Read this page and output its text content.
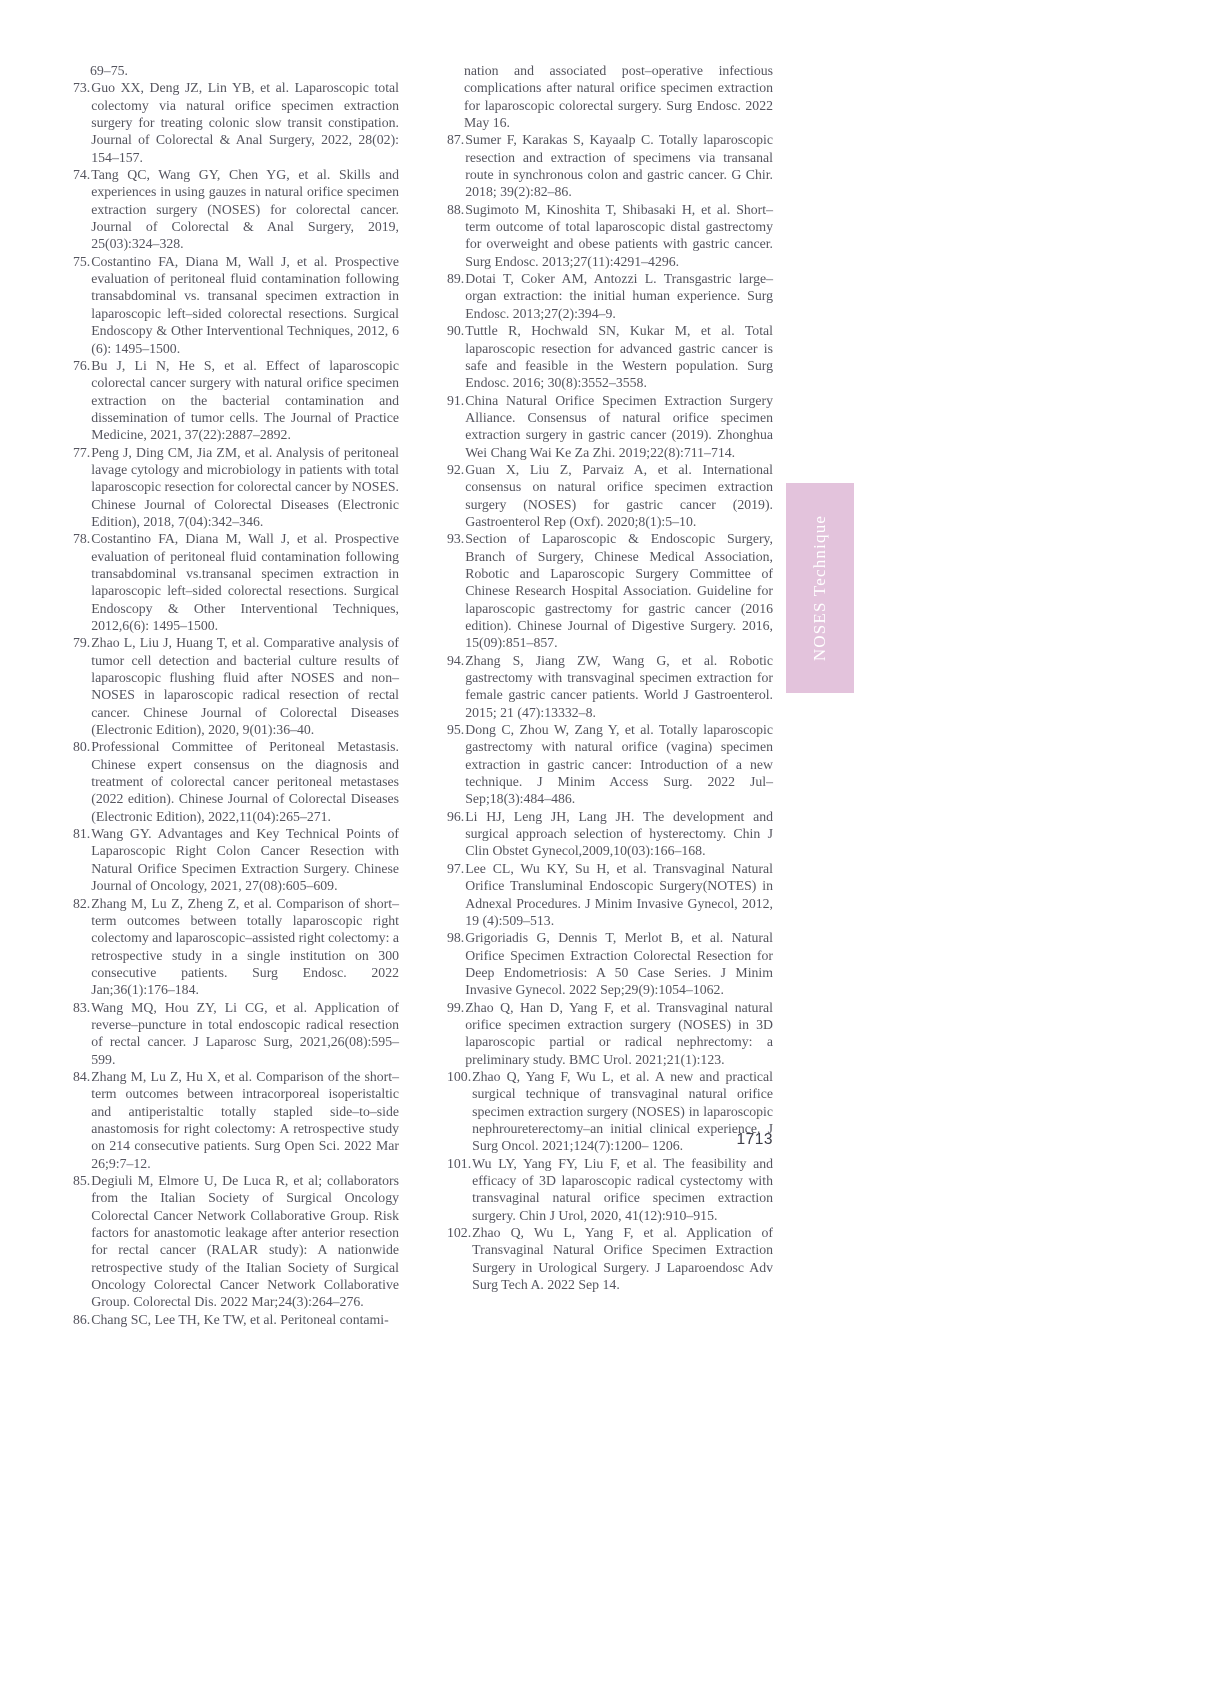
69–75.
73. Guo XX, Deng JZ, Lin YB, et al. Laparoscopic total colectomy via natural orifice specimen extraction surgery for treating colonic slow transit constipation. Journal of Colorectal & Anal Surgery, 2022, 28(02): 154–157.
74. Tang QC, Wang GY, Chen YG, et al. Skills and experiences in using gauzes in natural orifice specimen extraction surgery (NOSES) for colorectal cancer. Journal of Colorectal & Anal Surgery, 2019, 25(03):324–328.
75. Costantino FA, Diana M, Wall J, et al. Prospective evaluation of peritoneal fluid contamination following transabdominal vs. transanal specimen extraction in laparoscopic left–sided colorectal resections. Surgical Endoscopy & Other Interventional Techniques, 2012, 6 (6): 1495–1500.
76. Bu J, Li N, He S, et al. Effect of laparoscopic colorectal cancer surgery with natural orifice specimen extraction on the bacterial contamination and dissemination of tumor cells. The Journal of Practice Medicine, 2021, 37(22):2887–2892.
77. Peng J, Ding CM, Jia ZM, et al. Analysis of peritoneal lavage cytology and microbiology in patients with total laparoscopic resection for colorectal cancer by NOSES. Chinese Journal of Colorectal Diseases (Electronic Edition), 2018, 7(04):342–346.
78. Costantino FA, Diana M, Wall J, et al. Prospective evaluation of peritoneal fluid contamination following transabdominal vs.transanal specimen extraction in laparoscopic left–sided colorectal resections. Surgical Endoscopy & Other Interventional Techniques, 2012,6(6): 1495–1500.
79. Zhao L, Liu J, Huang T, et al. Comparative analysis of tumor cell detection and bacterial culture results of laparoscopic flushing fluid after NOSES and non–NOSES in laparoscopic radical resection of rectal cancer. Chinese Journal of Colorectal Diseases (Electronic Edition), 2020, 9(01):36–40.
80. Professional Committee of Peritoneal Metastasis. Chinese expert consensus on the diagnosis and treatment of colorectal cancer peritoneal metastases (2022 edition). Chinese Journal of Colorectal Diseases (Electronic Edition), 2022,11(04):265–271.
81. Wang GY. Advantages and Key Technical Points of Laparoscopic Right Colon Cancer Resection with Natural Orifice Specimen Extraction Surgery. Chinese Journal of Oncology, 2021, 27(08):605–609.
82. Zhang M, Lu Z, Zheng Z, et al. Comparison of short–term outcomes between totally laparoscopic right colectomy and laparoscopic–assisted right colectomy: a retrospective study in a single institution on 300 consecutive patients. Surg Endosc. 2022 Jan;36(1):176–184.
83. Wang MQ, Hou ZY, Li CG, et al. Application of reverse–puncture in total endoscopic radical resection of rectal cancer. J Laparosc Surg, 2021,26(08):595–599.
84. Zhang M, Lu Z, Hu X, et al. Comparison of the short–term outcomes between intracorporeal isoperistaltic and antiperistaltic totally stapled side–to–side anastomosis for right colectomy: A retrospective study on 214 consecutive patients. Surg Open Sci. 2022 Mar 26;9:7–12.
85. Degiuli M, Elmore U, De Luca R, et al; collaborators from the Italian Society of Surgical Oncology Colorectal Cancer Network Collaborative Group. Risk factors for anastomotic leakage after anterior resection for rectal cancer (RALAR study): A nationwide retrospective study of the Italian Society of Surgical Oncology Colorectal Cancer Network Collaborative Group. Colorectal Dis. 2022 Mar;24(3):264–276.
86. Chang SC, Lee TH, Ke TW, et al. Peritoneal contami-
nation and associated post–operative infectious complications after natural orifice specimen extraction for laparoscopic colorectal surgery. Surg Endosc. 2022 May 16.
87. Sumer F, Karakas S, Kayaalp C. Totally laparoscopic resection and extraction of specimens via transanal route in synchronous colon and gastric cancer. G Chir. 2018; 39(2):82–86.
88. Sugimoto M, Kinoshita T, Shibasaki H, et al. Short–term outcome of total laparoscopic distal gastrectomy for overweight and obese patients with gastric cancer. Surg Endosc. 2013;27(11):4291–4296.
89. Dotai T, Coker AM, Antozzi L. Transgastric large–organ extraction: the initial human experience. Surg Endosc. 2013;27(2):394–9.
90. Tuttle R, Hochwald SN, Kukar M, et al. Total laparoscopic resection for advanced gastric cancer is safe and feasible in the Western population. Surg Endosc. 2016; 30(8):3552–3558.
91. China Natural Orifice Specimen Extraction Surgery Alliance. Consensus of natural orifice specimen extraction surgery in gastric cancer (2019). Zhonghua Wei Chang Wai Ke Za Zhi. 2019;22(8):711–714.
92. Guan X, Liu Z, Parvaiz A, et al. International consensus on natural orifice specimen extraction surgery (NOSES) for gastric cancer (2019). Gastroenterol Rep (Oxf). 2020;8(1):5–10.
93. Section of Laparoscopic & Endoscopic Surgery, Branch of Surgery, Chinese Medical Association, Robotic and Laparoscopic Surgery Committee of Chinese Research Hospital Association. Guideline for laparoscopic gastrectomy for gastric cancer (2016 edition). Chinese Journal of Digestive Surgery. 2016, 15(09):851–857.
94. Zhang S, Jiang ZW, Wang G, et al. Robotic gastrectomy with transvaginal specimen extraction for female gastric cancer patients. World J Gastroenterol. 2015; 21 (47):13332–8.
95. Dong C, Zhou W, Zang Y, et al. Totally laparoscopic gastrectomy with natural orifice (vagina) specimen extraction in gastric cancer: Introduction of a new technique. J Minim Access Surg. 2022 Jul–Sep;18(3):484–486.
96. Li HJ, Leng JH, Lang JH. The development and surgical approach selection of hysterectomy. Chin J Clin Obstet Gynecol,2009,10(03):166–168.
97. Lee CL, Wu KY, Su H, et al. Transvaginal Natural Orifice Transluminal Endoscopic Surgery(NOTES) in Adnexal Procedures. J Minim Invasive Gynecol, 2012, 19 (4):509–513.
98. Grigoriadis G, Dennis T, Merlot B, et al. Natural Orifice Specimen Extraction Colorectal Resection for Deep Endometriosis: A 50 Case Series. J Minim Invasive Gynecol. 2022 Sep;29(9):1054–1062.
99. Zhao Q, Han D, Yang F, et al. Transvaginal natural orifice specimen extraction surgery (NOSES) in 3D laparoscopic partial or radical nephrectomy: a preliminary study. BMC Urol. 2021;21(1):123.
100. Zhao Q, Yang F, Wu L, et al. A new and practical surgical technique of transvaginal natural orifice specimen extraction surgery (NOSES) in laparoscopic nephroureterectomy–an initial clinical experience. J Surg Oncol. 2021;124(7):1200– 1206.
101. Wu LY, Yang FY, Liu F, et al. The feasibility and efficacy of 3D laparoscopic radical cystectomy with transvaginal natural orifice specimen extraction surgery. Chin J Urol, 2020, 41(12):910–915.
102. Zhao Q, Wu L, Yang F, et al. Application of Transvaginal Natural Orifice Specimen Extraction Surgery in Urological Surgery. J Laparoendosc Adv Surg Tech A. 2022 Sep 14.
NOSES Technique
1713
